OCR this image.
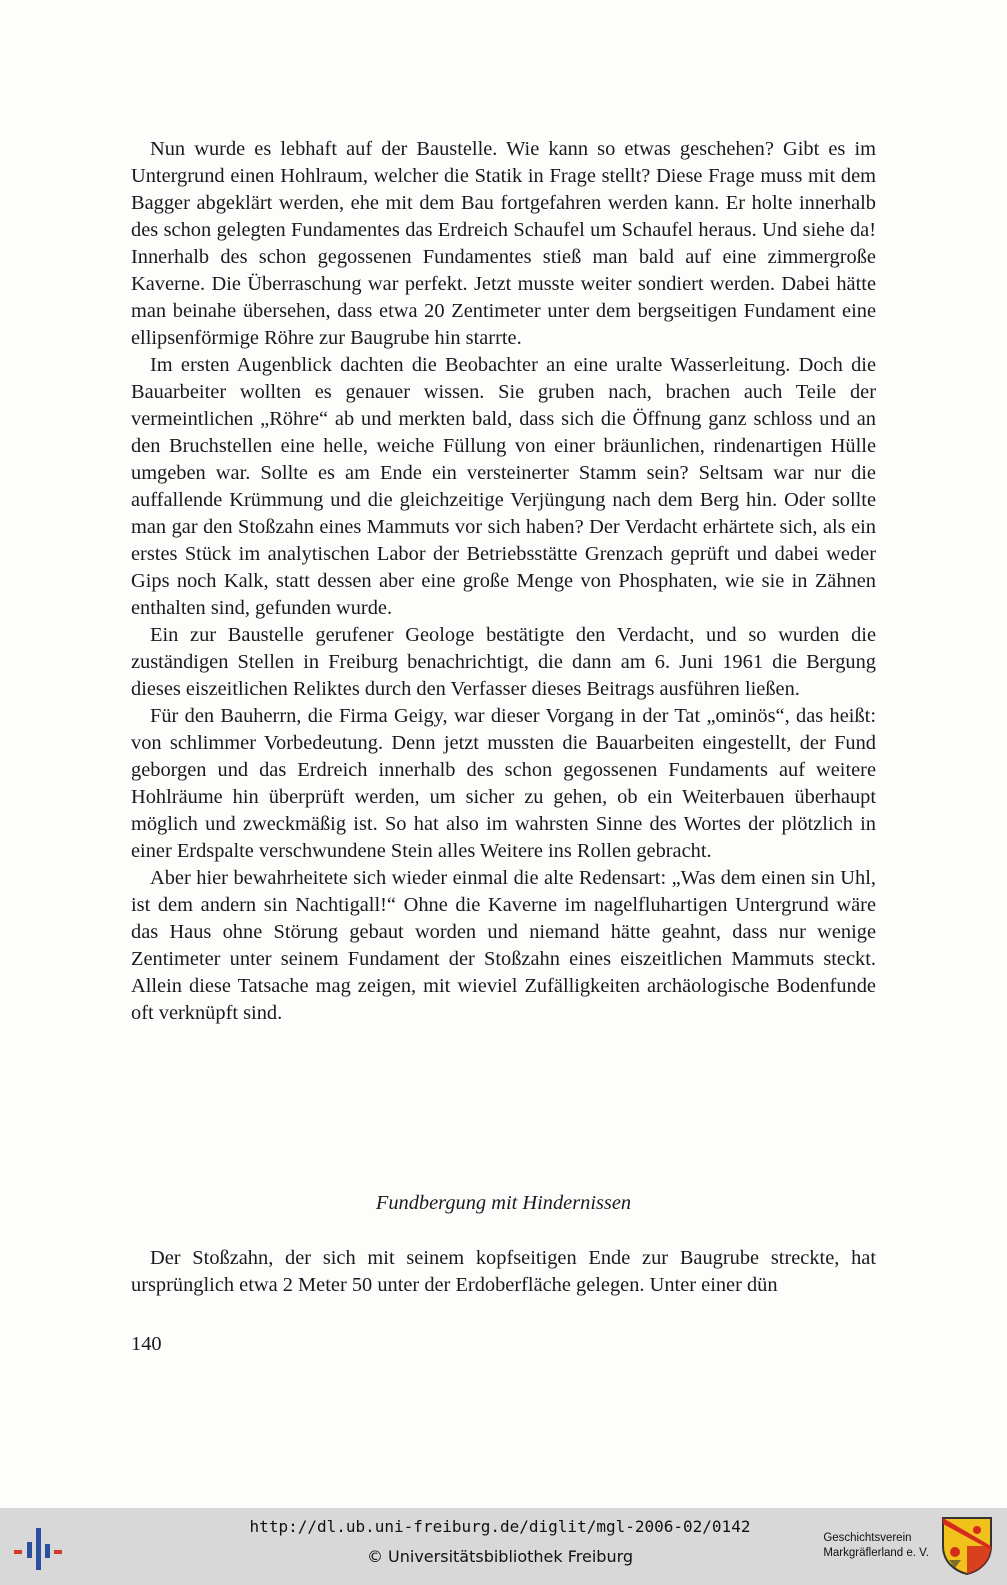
Nun wurde es lebhaft auf der Baustelle. Wie kann so etwas geschehen? Gibt es im Untergrund einen Hohlraum, welcher die Statik in Frage stellt? Diese Frage muss mit dem Bagger abgeklärt werden, ehe mit dem Bau fortgefahren werden kann. Er holte innerhalb des schon gelegten Fundamentes das Erdreich Schaufel um Schaufel heraus. Und siehe da! Innerhalb des schon gegossenen Fundamentes stieß man bald auf eine zimmergroße Kaverne. Die Überraschung war perfekt. Jetzt musste weiter sondiert werden. Dabei hätte man beinahe übersehen, dass etwa 20 Zentimeter unter dem bergseitigen Fundament eine ellipsenförmige Röhre zur Baugrube hin starrte.

Im ersten Augenblick dachten die Beobachter an eine uralte Wasserleitung. Doch die Bauarbeiter wollten es genauer wissen. Sie gruben nach, brachen auch Teile der vermeintlichen „Röhre“ ab und merkten bald, dass sich die Öffnung ganz schloss und an den Bruchstellen eine helle, weiche Füllung von einer bräunlichen, rindenartigen Hülle umgeben war. Sollte es am Ende ein versteinerter Stamm sein? Seltsam war nur die auffallende Krümmung und die gleichzeitige Verjüngung nach dem Berg hin. Oder sollte man gar den Stoßzahn eines Mammuts vor sich haben? Der Verdacht erhärtete sich, als ein erstes Stück im analytischen Labor der Betriebsstätte Grenzach geprüft und dabei weder Gips noch Kalk, statt dessen aber eine große Menge von Phosphaten, wie sie in Zähnen enthalten sind, gefunden wurde.

Ein zur Baustelle gerufener Geologe bestätigte den Verdacht, und so wurden die zuständigen Stellen in Freiburg benachrichtigt, die dann am 6. Juni 1961 die Bergung dieses eiszeitlichen Reliktes durch den Verfasser dieses Beitrags ausführen ließen.

Für den Bauherrn, die Firma Geigy, war dieser Vorgang in der Tat „ominös“, das heißt: von schlimmer Vorbedeutung. Denn jetzt mussten die Bauarbeiten eingestellt, der Fund geborgen und das Erdreich innerhalb des schon gegossenen Fundaments auf weitere Hohlräume hin überprüft werden, um sicher zu gehen, ob ein Weiterbauen überhaupt möglich und zweckmäßig ist. So hat also im wahrsten Sinne des Wortes der plötzlich in einer Erdspalte verschwundene Stein alles Weitere ins Rollen gebracht.

Aber hier bewahrheitete sich wieder einmal die alte Redensart: „Was dem einen sin Uhl, ist dem andern sin Nachtigall!“ Ohne die Kaverne im nagelfluhartigen Untergrund wäre das Haus ohne Störung gebaut worden und niemand hätte geahnt, dass nur wenige Zentimeter unter seinem Fundament der Stoßzahn eines eiszeitlichen Mammuts steckt. Allein diese Tatsache mag zeigen, mit wieviel Zufälligkeiten archäologische Bodenfunde oft verknüpft sind.

Fundbergung mit Hindernissen

Der Stoßzahn, der sich mit seinem kopfseitigen Ende zur Baugrube streckte, hat ursprünglich etwa 2 Meter 50 unter der Erdoberfläche gelegen. Unter einer dün

140
http://dl.ub.uni-freiburg.de/diglit/mgl-2006-02/0142
© Universitätsbibliothek Freiburg
Geschichtsverein
Markgräflerland e. V.
